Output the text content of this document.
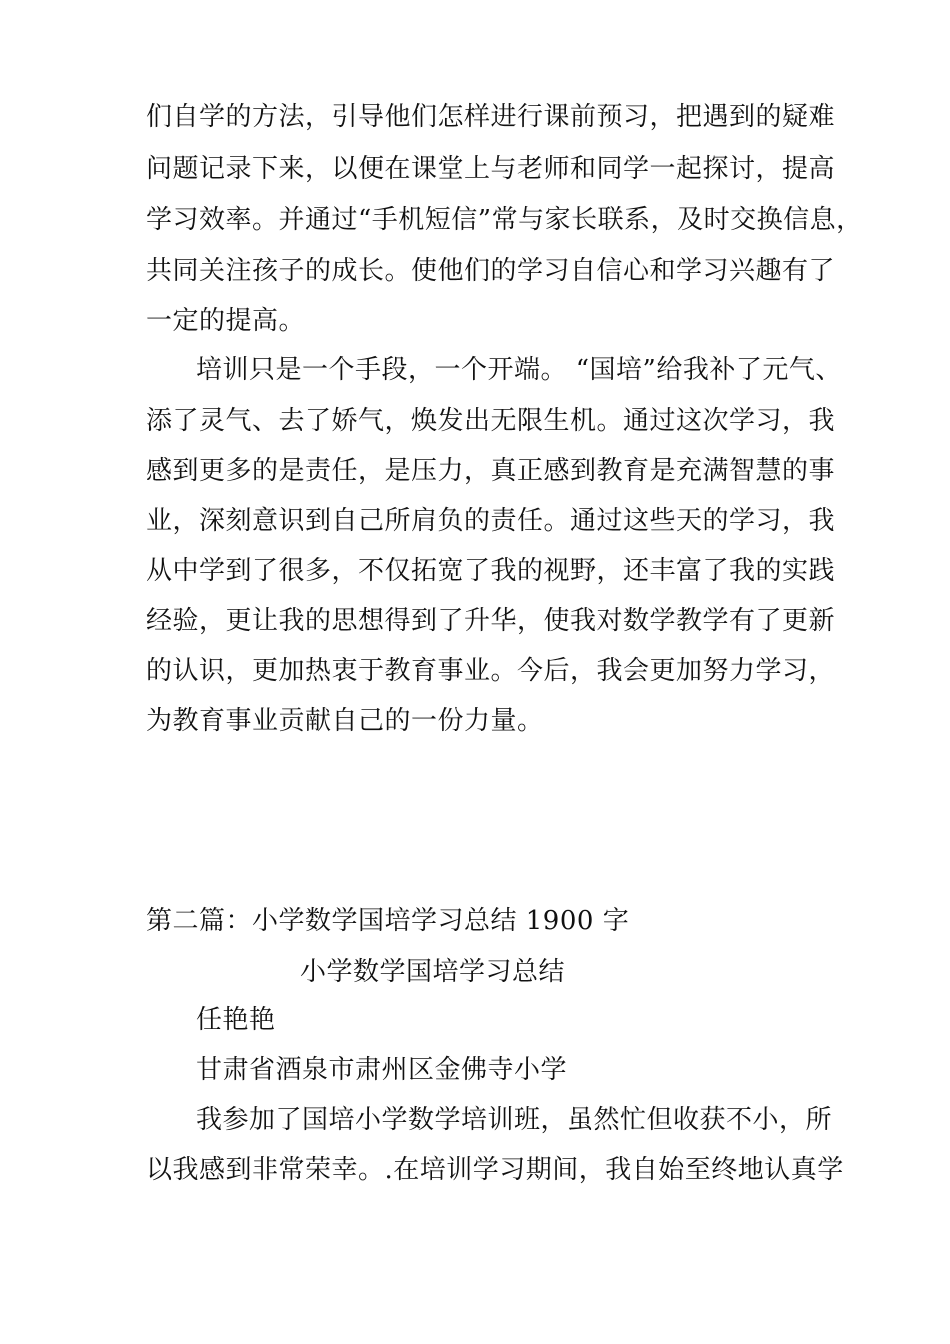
们自学的方法，引导他们怎样进行课前预习，把遇到的疑难
问题记录下来，以便在课堂上与老师和同学一起探讨，提高
学习效率。并通过“手机短信”常与家长联系，及时交换信息，
共同关注孩子的成长。使他们的学习自信心和学习兴趣有了
一定的提高。
培训只是一个手段，一个开端。 “国培”给我补了元气、
添了灵气、去了娇气，焕发出无限生机。通过这次学习，我
感到更多的是责任，是压力，真正感到教育是充满智慧的事
业，深刻意识到自己所肩负的责任。通过这些天的学习，我
从中学到了很多，不仅拓宽了我的视野，还丰富了我的实践
经验，更让我的思想得到了升华，使我对数学教学有了更新
的认识，更加热衷于教育事业。今后，我会更加努力学习，
为教育事业贡献自己的一份力量。
第二篇：小学数学国培学习总结 1900 字
小学数学国培学习总结
任艳艳
甘肃省酒泉市肃州区金佛寺小学
我参加了国培小学数学培训班，虽然忙但收获不小，所
以我感到非常荣幸。.在培训学习期间，我自始至终地认真学
